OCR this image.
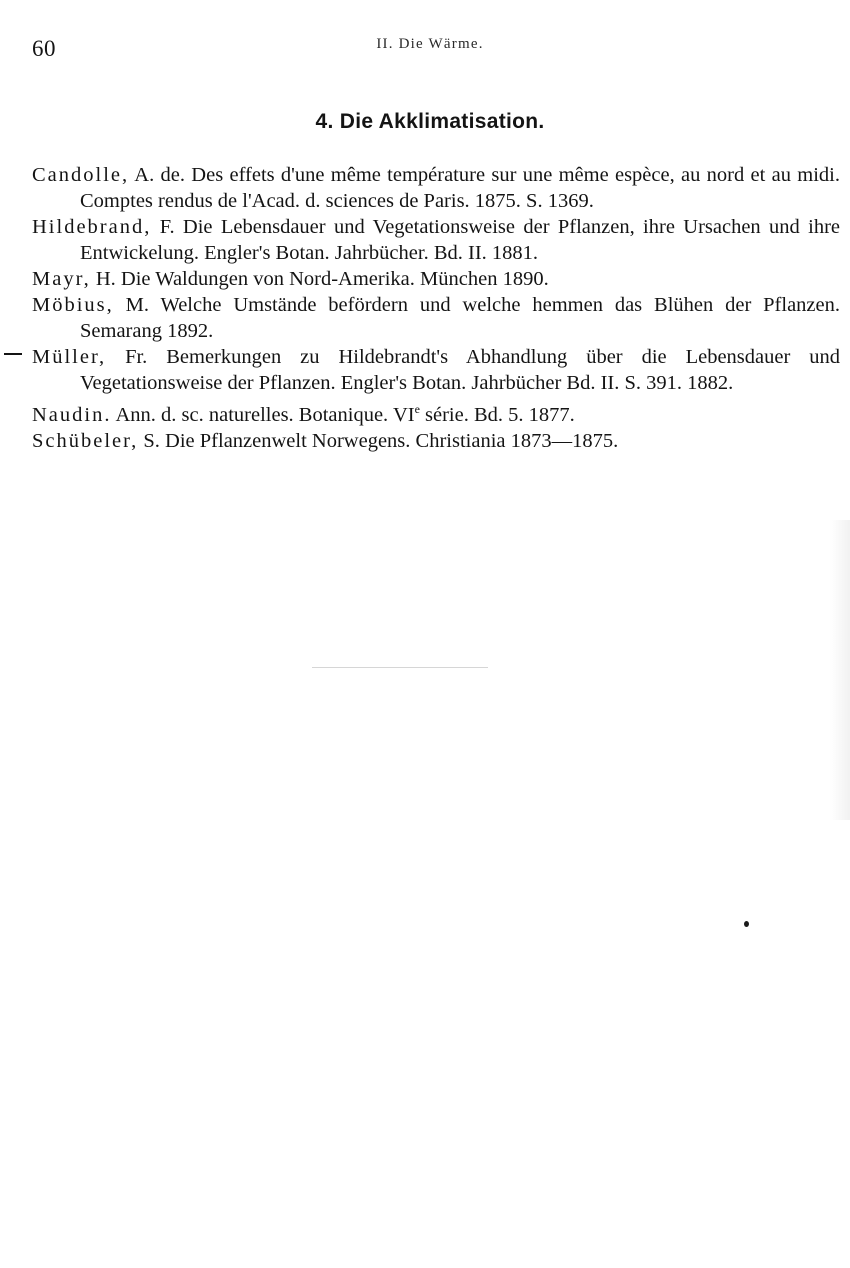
60	II. Die Wärme.
4. Die Akklimatisation.
Candolle, A. de. Des effets d'une même température sur une même espèce, au nord et au midi. Comptes rendus de l'Acad. d. sciences de Paris. 1875. S. 1369.
Hildebrand, F. Die Lebensdauer und Vegetationsweise der Pflanzen, ihre Ursachen und ihre Entwickelung. Engler's Botan. Jahrbücher. Bd. II. 1881.
Mayr, H. Die Waldungen von Nord-Amerika. München 1890.
Möbius, M. Welche Umstände befördern und welche hemmen das Blühen der Pflanzen. Semarang 1892.
Müller, Fr. Bemerkungen zu Hildebrandt's Abhandlung über die Lebensdauer und Vegetationsweise der Pflanzen. Engler's Botan. Jahrbücher Bd. II. S. 391. 1882.
Naudin. Ann. d. sc. naturelles. Botanique. VIe série. Bd. 5. 1877.
Schübeler, S. Die Pflanzenwelt Norwegens. Christiania 1873—1875.
